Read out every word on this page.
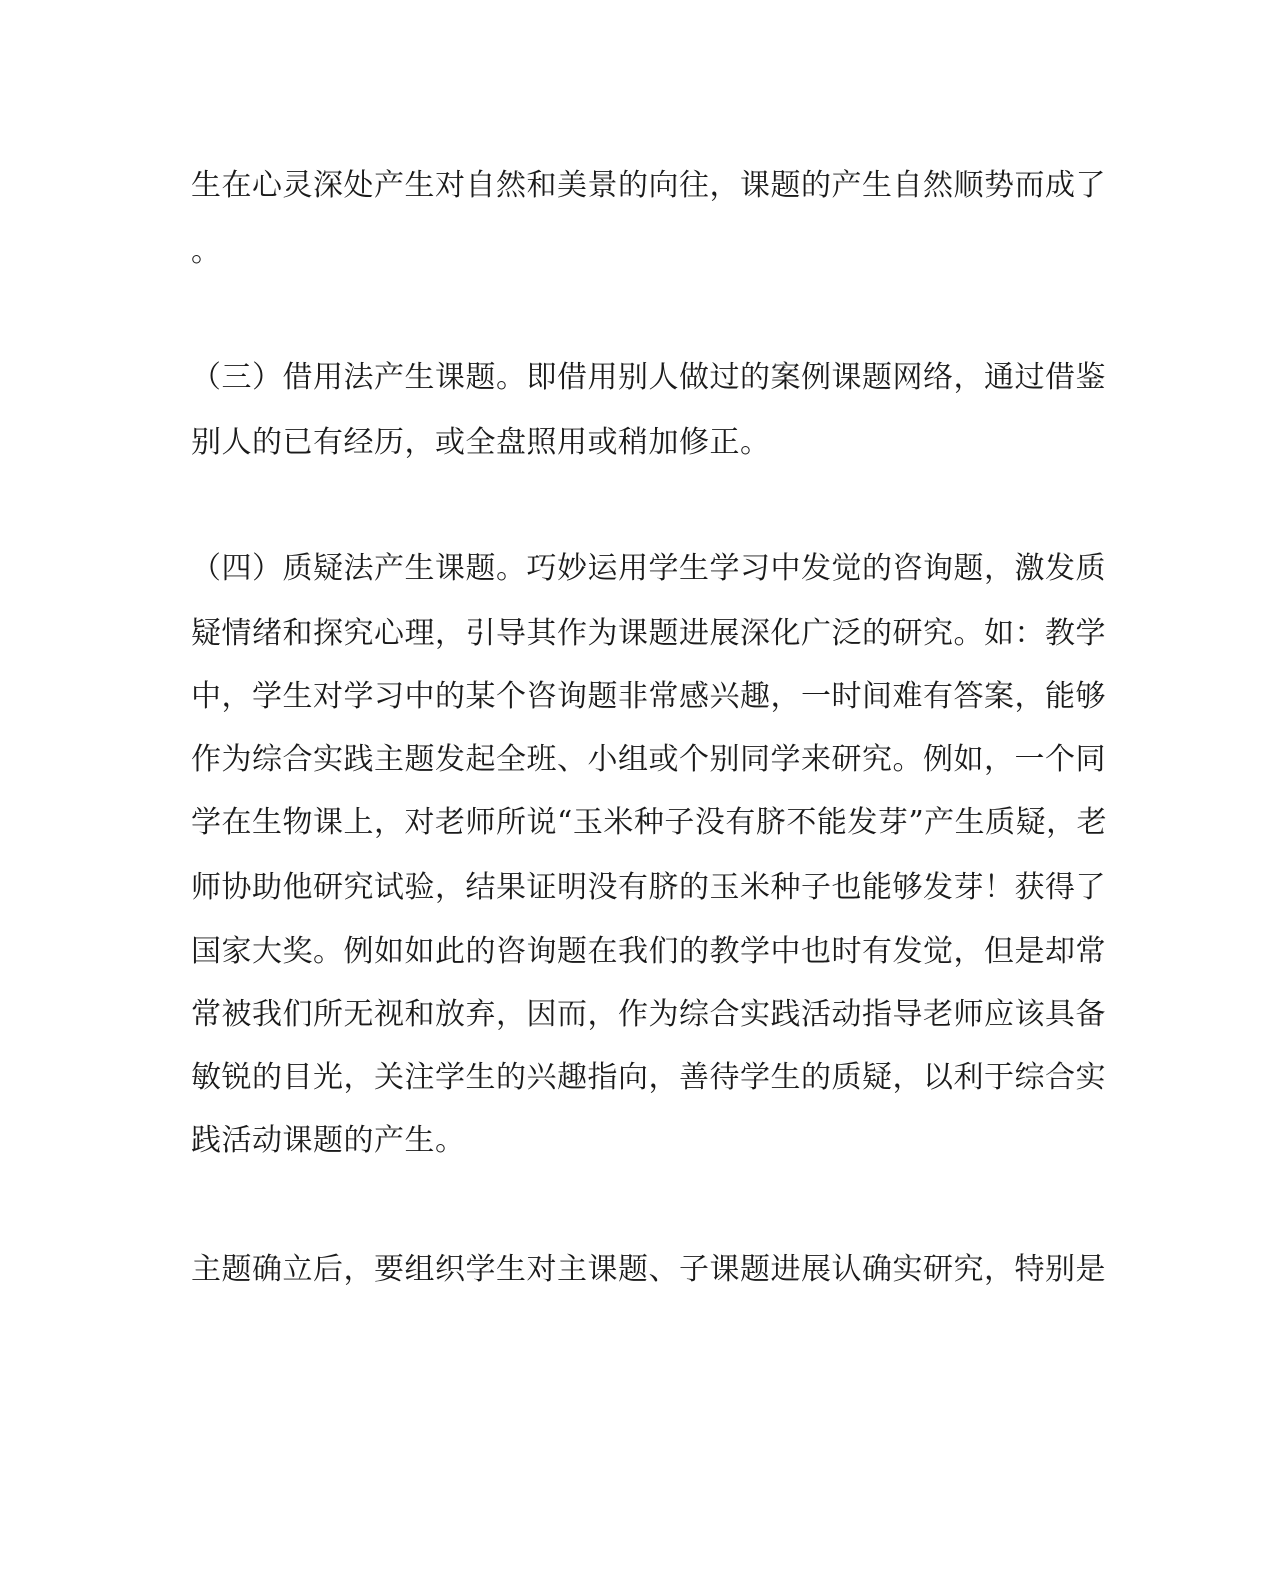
生在心灵深处产生对自然和美景的向往，课题的产生自然顺势而成了
。
（三）借用法产生课题。即借用别人做过的案例课题网络，通过借鉴
别人的已有经历，或全盘照用或稍加修正。
（四）质疑法产生课题。巧妙运用学生学习中发觉的咨询题，激发质
疑情绪和探究心理，引导其作为课题进展深化广泛的研究。如：教学
中，学生对学习中的某个咨询题非常感兴趣，一时间难有答案，能够
作为综合实践主题发起全班、小组或个别同学来研究。例如，一个同
学在生物课上，对老师所说“玉米种子没有脐不能发芽”产生质疑，老
师协助他研究试验，结果证明没有脐的玉米种子也能够发芽！获得了
国家大奖。例如如此的咨询题在我们的教学中也时有发觉，但是却常
常被我们所无视和放弃，因而，作为综合实践活动指导老师应该具备
敏锐的目光，关注学生的兴趣指向，善待学生的质疑，以利于综合实
践活动课题的产生。
主题确立后，要组织学生对主课题、子课题进展认确实研究，特别是
